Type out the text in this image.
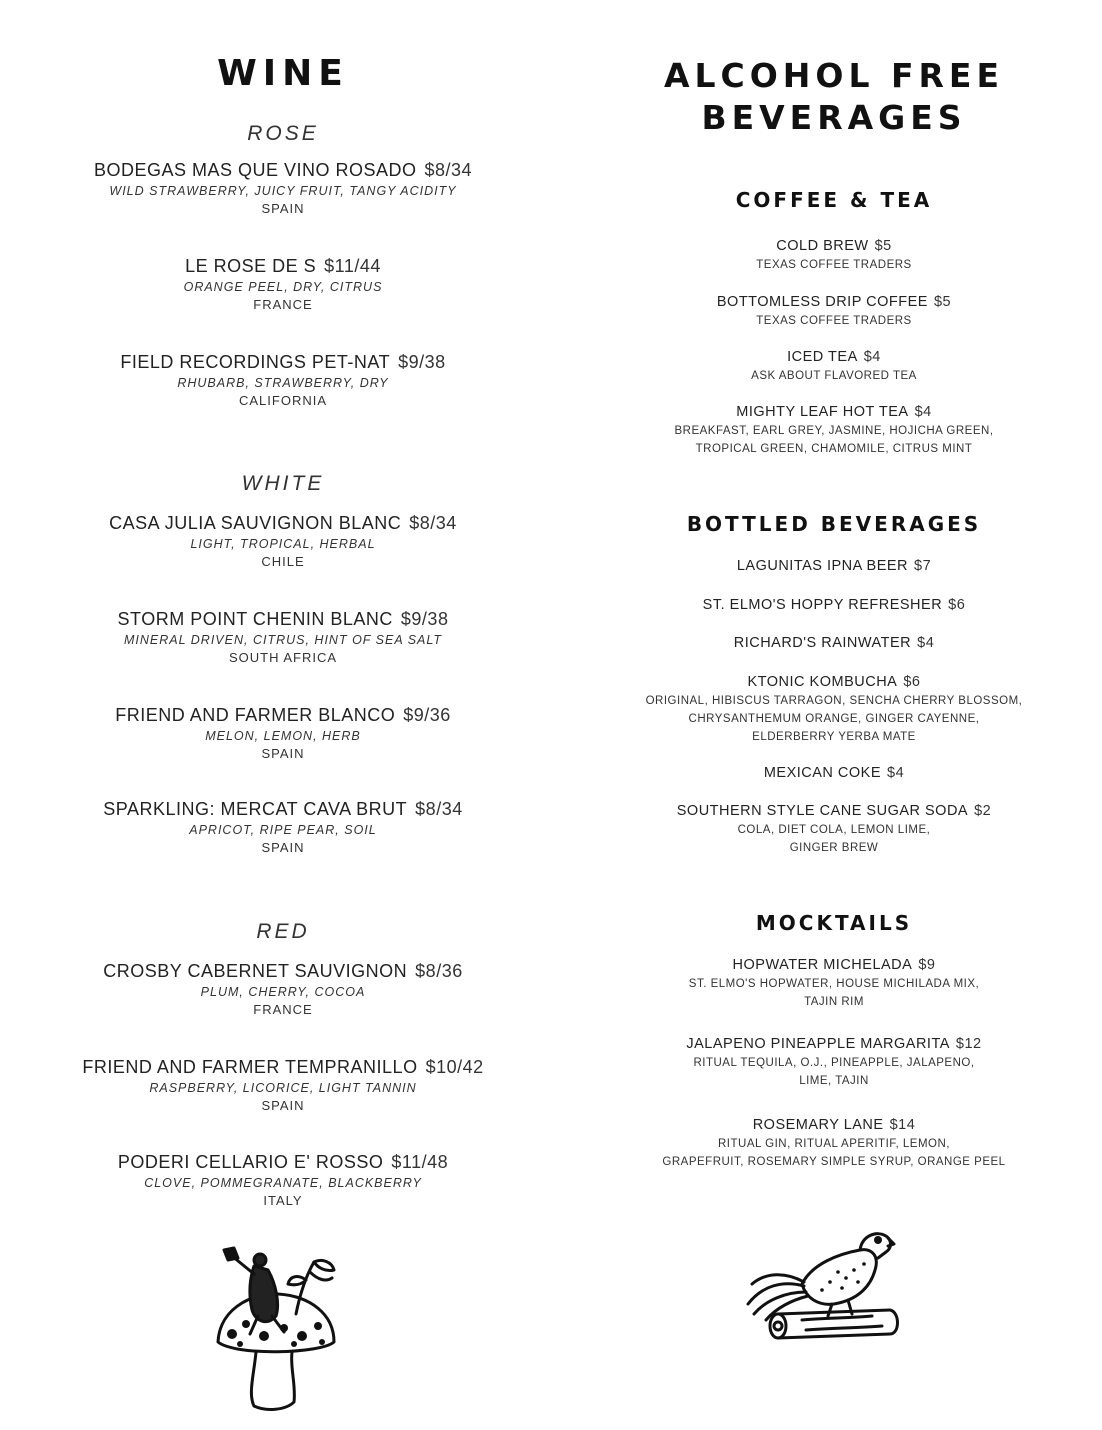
WINE
ROSE
BODEGAS MAS QUE VINO ROSADO $8/34
WILD STRAWBERRY, JUICY FRUIT, TANGY ACIDITY
SPAIN
LE ROSE DE S $11/44
ORANGE PEEL, DRY, CITRUS
FRANCE
FIELD RECORDINGS PET-NAT $9/38
RHUBARB, STRAWBERRY, DRY
CALIFORNIA
WHITE
CASA JULIA SAUVIGNON BLANC $8/34
LIGHT, TROPICAL, HERBAL
CHILE
STORM POINT CHENIN BLANC $9/38
MINERAL DRIVEN, CITRUS, HINT OF SEA SALT
SOUTH AFRICA
FRIEND AND FARMER BLANCO $9/36
MELON, LEMON, HERB
SPAIN
SPARKLING: MERCAT CAVA BRUT $8/34
APRICOT, RIPE PEAR, SOIL
SPAIN
RED
CROSBY CABERNET SAUVIGNON $8/36
PLUM, CHERRY, COCOA
FRANCE
FRIEND AND FARMER TEMPRANILLO $10/42
RASPBERRY, LICORICE, LIGHT TANNIN
SPAIN
PODERI CELLARIO E' ROSSO $11/48
CLOVE, POMMEGRANATE, BLACKBERRY
ITALY
ALCOHOL FREE
BEVERAGES
COFFEE & TEA
COLD BREW $5
TEXAS COFFEE TRADERS
BOTTOMLESS DRIP COFFEE $5
TEXAS COFFEE TRADERS
ICED TEA $4
ASK ABOUT FLAVORED TEA
MIGHTY LEAF HOT TEA $4
BREAKFAST, EARL GREY, JASMINE, HOJICHA GREEN,
TROPICAL GREEN, CHAMOMILE, CITRUS MINT
BOTTLED BEVERAGES
LAGUNITAS IPNA BEER $7
ST. ELMO'S HOPPY REFRESHER $6
RICHARD'S RAINWATER $4
KTONIC KOMBUCHA $6
ORIGINAL, HIBISCUS TARRAGON, SENCHA CHERRY BLOSSOM,
CHRYSANTHEMUM ORANGE, GINGER CAYENNE,
ELDERBERRY YERBA MATE
MEXICAN COKE $4
SOUTHERN STYLE CANE SUGAR SODA $2
COLA, DIET COLA, LEMON LIME,
GINGER BREW
MOCKTAILS
HOPWATER MICHELADA $9
ST. ELMO'S HOPWATER, HOUSE MICHILADA MIX,
TAJIN RIM
JALAPENO PINEAPPLE MARGARITA $12
RITUAL TEQUILA, O.J., PINEAPPLE, JALAPENO,
LIME, TAJIN
ROSEMARY LANE $14
RITUAL GIN, RITUAL APERITIF, LEMON,
GRAPEFRUIT, ROSEMARY SIMPLE SYRUP, ORANGE PEEL
